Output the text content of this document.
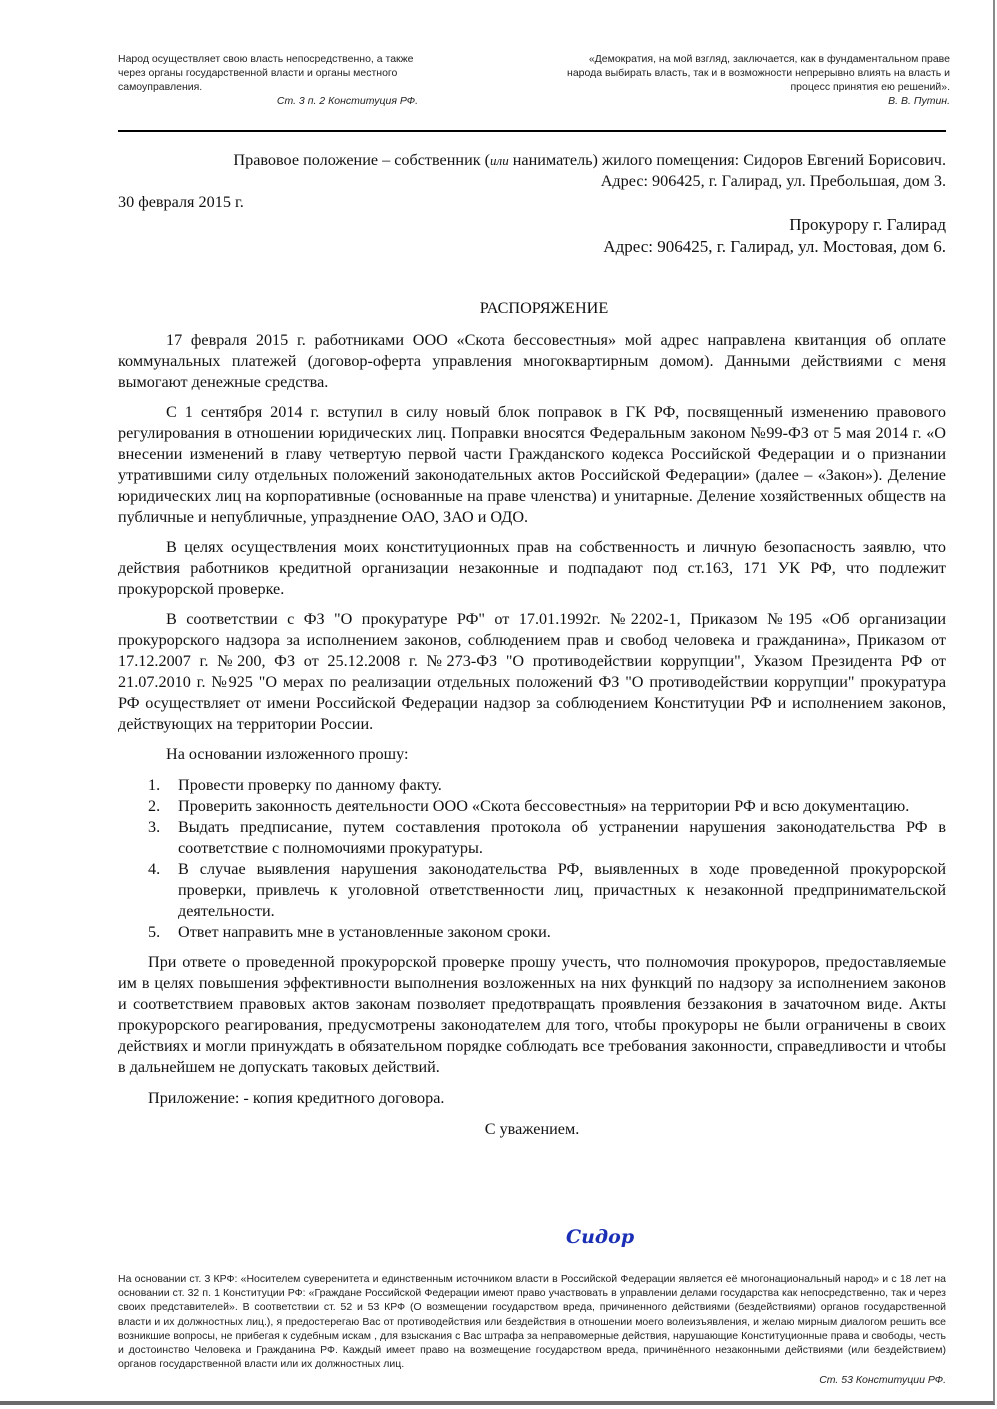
Народ осуществляет свою власть непосредственно, а также через органы государственной власти и органы местного самоуправления.
Ст. 3 п. 2 Конституция РФ.
«Демократия, на мой взгляд, заключается, как в фундаментальном праве народа выбирать власть, так и в возможности непрерывно влиять на власть и процесс принятия ею решений».
В. В. Путин.
Правовое положение – собственник (или наниматель) жилого помещения: Сидоров Евгений Борисович.
Адрес: 906425, г. Галирад, ул. Пребольшая, дом 3.
30 февраля 2015 г.
Прокурору г. Галирад
Адрес: 906425, г. Галирад, ул. Мостовая, дом 6.
РАСПОРЯЖЕНИЕ

17 февраля 2015 г. работниками ООО «Скота бессовестныя» мой адрес направлена квитанция об оплате коммунальных платежей (договор-оферта управления многоквартирным домом). Данными действиями с меня вымогают денежные средства.

С 1 сентября 2014 г. вступил в силу новый блок поправок в ГК РФ, посвященный изменению правового регулирования в отношении юридических лиц. Поправки вносятся Федеральным законом №99-ФЗ от 5 мая 2014 г. «О внесении изменений в главу четвертую первой части Гражданского кодекса Российской Федерации и о признании утратившими силу отдельных положений законодательных актов Российской Федерации» (далее – «Закон»). Деление юридических лиц на корпоративные (основанные на праве членства) и унитарные. Деление хозяйственных обществ на публичные и непубличные, упразднение ОАО, ЗАО и ОДО.

В целях осуществления моих конституционных прав на собственность и личную безопасность заявлю, что действия работников кредитной организации незаконные и подпадают под ст.163, 171 УК РФ, что подлежит прокурорской проверке.

В соответствии с ФЗ "О прокуратуре РФ" от 17.01.1992г. №2202-1, Приказом №195 «Об организации прокурорского надзора за исполнением законов, соблюдением прав и свобод человека и гражданина», Приказом от 17.12.2007 г. №200, ФЗ от 25.12.2008 г. №273-ФЗ "О противодействии коррупции", Указом Президента РФ от 21.07.2010 г. №925 "О мерах по реализации отдельных положений ФЗ "О противодействии коррупции" прокуратура РФ осуществляет от имени Российской Федерации надзор за соблюдением Конституции РФ и исполнением законов, действующих на территории России.

На основании изложенного прошу:

1. Провести проверку по данному факту.
2. Проверить законность деятельности ООО «Скота бессовестныя» на территории РФ и всю документацию.
3. Выдать предписание, путем составления протокола об устранении нарушения законодательства РФ в соответствие с полномочиями прокуратуры.
4. В случае выявления нарушения законодательства РФ, выявленных в ходе проведенной прокурорской проверки, привлечь к уголовной ответственности лиц, причастных к незаконной предпринимательской деятельности.
5. Ответ направить мне в установленные законом сроки.

При ответе о проведенной прокурорской проверке прошу учесть, что полномочия прокуроров, предоставляемые им в целях повышения эффективности выполнения возложенных на них функций по надзору за исполнением законов и соответствием правовых актов законам позволяет предотвращать проявления беззакония в зачаточном виде. Акты прокурорского реагирования, предусмотрены законодателем для того, чтобы прокуроры не были ограничены в своих действиях и могли принуждать в обязательном порядке соблюдать все требования законности, справедливости и чтобы в дальнейшем не допускать таковых действий.

Приложение: - копия кредитного договора.

С уважением.

Сидор
На основании ст. 3 КРФ: «Носителем суверенитета и единственным источником власти в Российской Федерации является её многонациональный народ» и с 18 лет на основании ст. 32 п. 1 Конституции РФ: «Граждане Российской Федерации имеют право участвовать в управлении делами государства как непосредственно, так и через своих представителей». В соответствии ст. 52 и 53 КРФ (О возмещении государством вреда, причиненного действиями (бездействиями) органов государственной власти и их должностных лиц.), я предостерегаю Вас от противодействия или бездействия в отношении моего волеизъявления, и желаю мирным диалогом решить все возникшие вопросы, не прибегая к судебным искам , для взыскания с Вас штрафа за неправомерные действия, нарушающие Конституционные права и свободы, честь и достоинство Человека и Гражданина РФ. Каждый имеет право на возмещение государством вреда, причинённого незаконными действиями (или бездействием) органов государственной власти или их должностных лиц.
Ст. 53 Конституции РФ.
